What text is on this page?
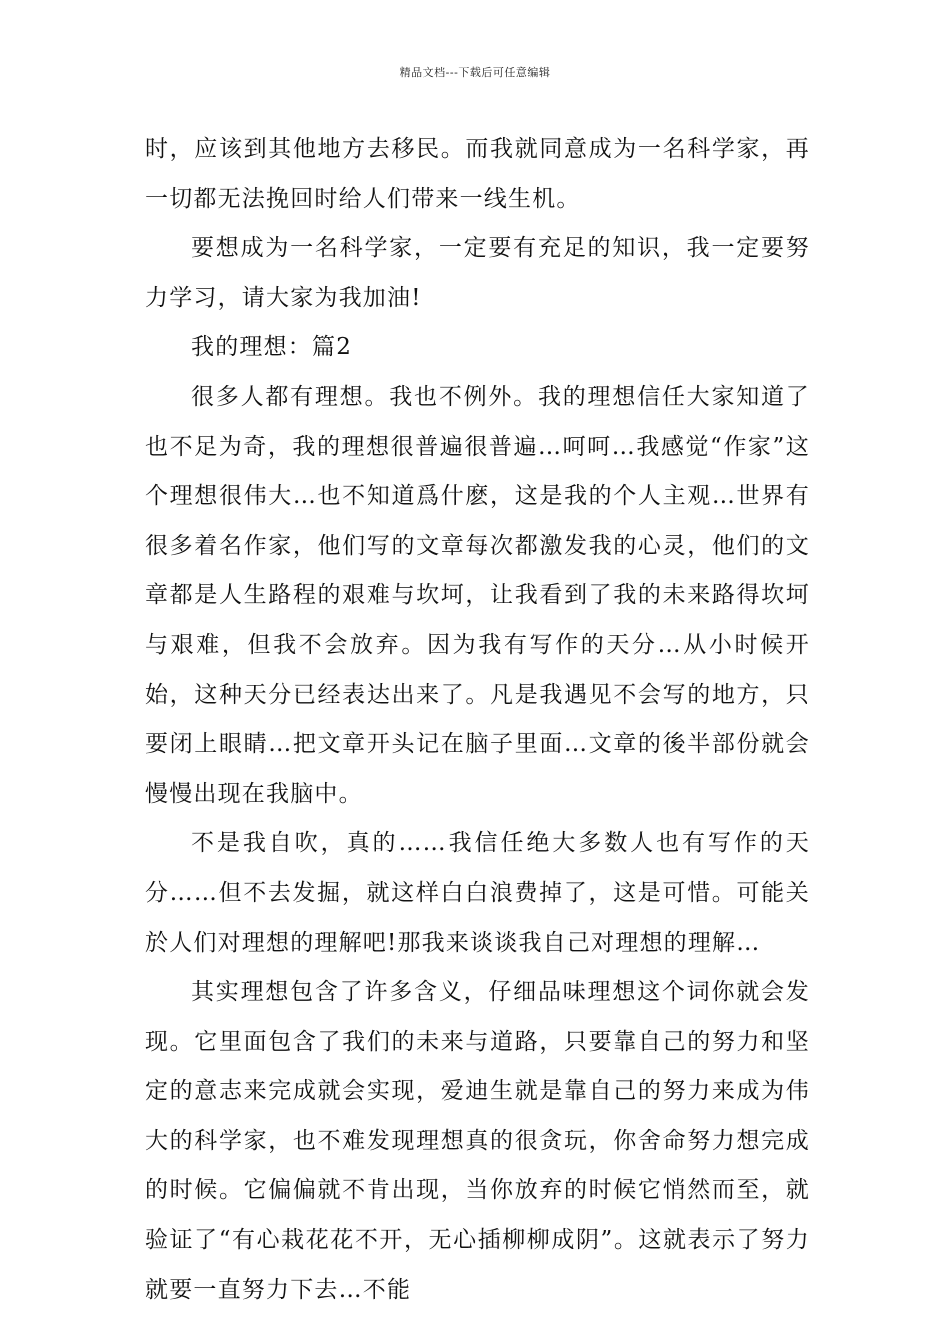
精品文档---下载后可任意编辑

时，应该到其他地方去移民。而我就同意成为一名科学家，再一切都无法挽回时给人们带来一线生机。

要想成为一名科学家，一定要有充足的知识，我一定要努力学习，请大家为我加油!

我的理想：篇2

很多人都有理想。我也不例外。我的理想信任大家知道了也不足为奇，我的理想很普遍很普遍…呵呵…我感觉“作家”这个理想很伟大…也不知道爲什麽，这是我的个人主观…世界有很多着名作家，他们写的文章每次都激发我的心灵，他们的文章都是人生路程的艰难与坎坷，让我看到了我的未来路得坎坷与艰难，但我不会放弃。因为我有写作的天分…从小时候开始，这种天分已经表达出来了。凡是我遇见不会写的地方，只要闭上眼睛…把文章开头记在脑子里面…文章的後半部份就会慢慢出现在我脑中。

不是我自吹，真的……我信任绝大多数人也有写作的天分……但不去发掘，就这样白白浪费掉了，这是可惜。可能关於人们对理想的理解吧!那我来谈谈我自己对理想的理解…

其实理想包含了许多含义，仔细品味理想这个词你就会发现。它里面包含了我们的未来与道路，只要靠自己的努力和坚定的意志来完成就会实现，爱迪生就是靠自己的努力来成为伟大的科学家，也不难发现理想真的很贪玩，你舍命努力想完成的时候。它偏偏就不肯出现，当你放弃的时候它悄然而至，就验证了“有心栽花花不开，无心插柳柳成阴”。这就表示了努力就要一直努力下去…不能
